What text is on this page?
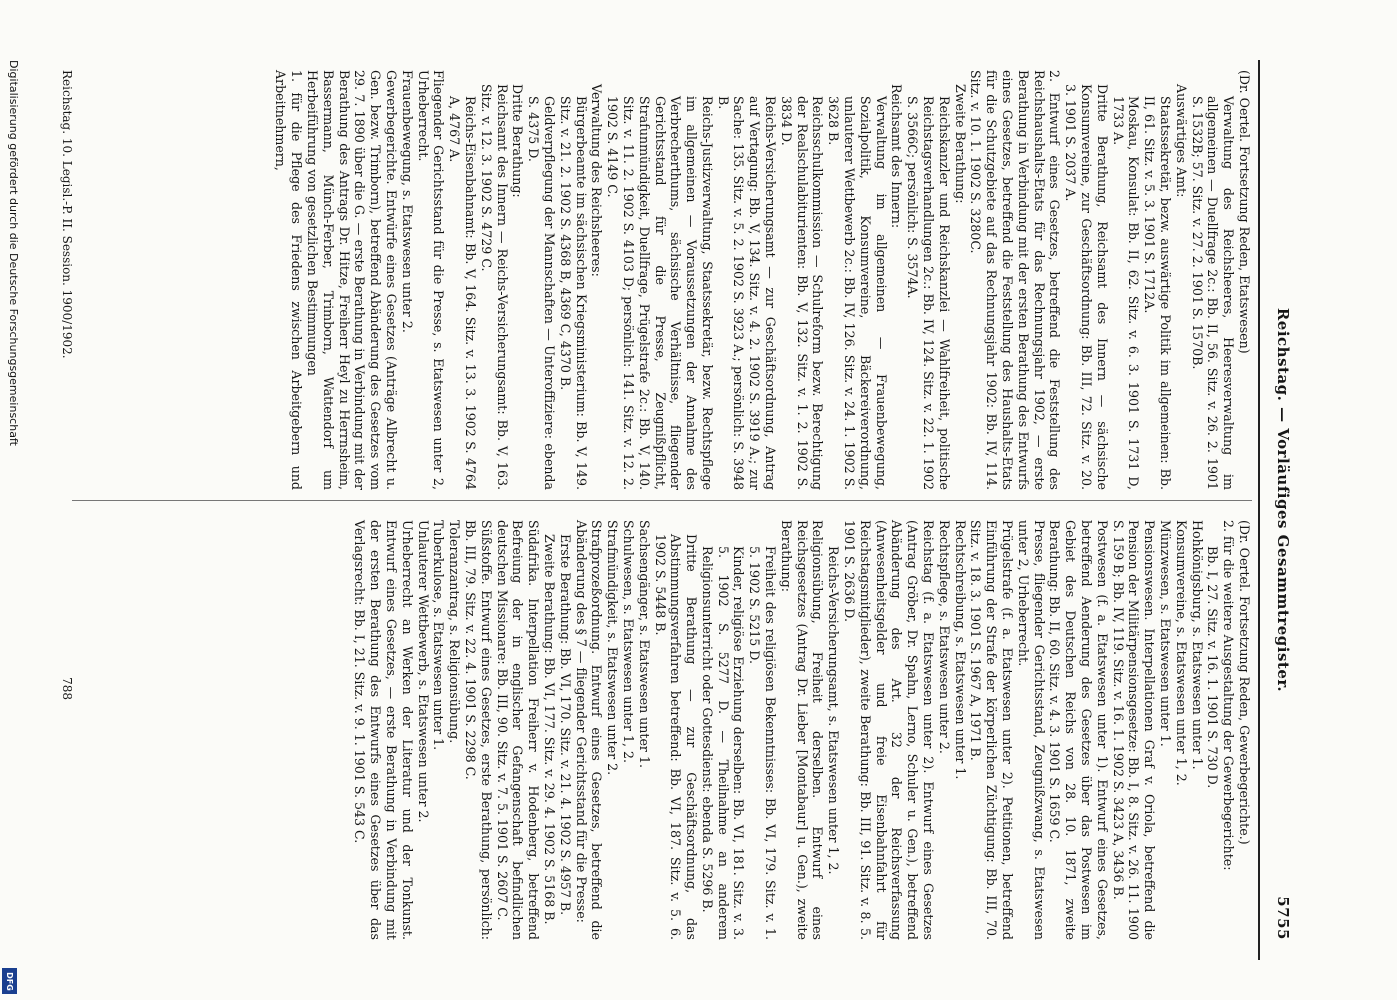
5755
Reichstag. — Vorläufiges Gesammtregister.

(Dr. Oertel. Fortsetzung Reden, Etatswesen)

Verwaltung des Reichsheeres, Heeresverwaltung im allgemeinen — Duellfrage 2c.: Bb. II, 56. Sitz. v. 26. 2. 1901 S. 1532B; 57. Sitz. v. 27. 2. 1901 S. 1570B.

Auswärtiges Amt:

Staatssekretär, bezw. auswärtige Politik im allgemeinen: Bb. II, 61. Sitz. v. 5. 3. 1901 S. 1712A.

Moskau, Konsulat: Bb. II, 62. Sitz. v. 6. 3. 1901 S. 1731 D, 1733 A.

Dritte Berathung, Reichsamt des Innern — sächsische Konsumvereine, zur Geschäftsordnung: Bb. III, 72. Sitz. v. 20. 3. 1901 S. 2037 A.

2. Entwurf eines Gesetzes, betreffend die Feststellung des Reichshaushalts-Etats für das Rechnungsjahr 1902, — erste Berathung in Verbindung mit der ersten Berathung des Entwurfs eines Gesetzes, betreffend die Feststellung des Haushalts-Etats für die Schutzgebiete auf das Rechnungsjahr 1902: Bb. IV, 114. Sitz. v. 10. 1. 1902 S. 3280C.

Zweite Berathung:

Reichskanzler und Reichskanzlei — Wahlfreiheit, politische Reichstagsverhandlungen 2c.: Bb. IV, 124. Sitz. v. 22. 1. 1902 S. 3566C; persönlich: S. 3574A.

Reichsamt des Innern:

Verwaltung im allgemeinen — Frauenbewegung, Sozialpolitik, Konsumvereine, Bäckereiverordnung, unlauterer Wettbewerb 2c.: Bb. IV, 126. Sitz. v. 24. 1. 1902 S. 3628 B.

Reichsschulkommission — Schulreform bezw. Berechtigung der Realschulabiturienten: Bb. V, 132. Sitz. v. 1. 2. 1902 S. 3834 D.

Reichs-Versicherungsamt — zur Geschäftsordnung, Antrag auf Vertagung: Bb. V, 134. Sitz. v. 4. 2. 1902 S. 3919 A.; zur Sache: 135. Sitz. v. 5. 2. 1902 S. 3923 A.; persönlich: S. 3948 B.

Reichs-Justizverwaltung, Staatssekretär, bezw. Rechtspflege im allgemeinen — Voraussetzungen der Annahme des Verbrecherthums, sächsische Verhältnisse, fliegender Gerichtsstand für die Presse, Zeugnißpflicht, Strafunmündigkeit, Duellfrage, Prügelstrafe 2c.: Bb. V, 140. Sitz. v. 11. 2. 1902 S. 4103 D; persönlich: 141. Sitz. v. 12. 2. 1902 S. 4149 C.

Verwaltung des Reichsheeres:

Bürgerbeamte im sächsischen Kriegsministerium: Bb. V, 149. Sitz. v. 21. 2. 1902 S. 4368 B, 4369 C, 4370 B.

Geldverpflegung der Mannschaften — Unteroffiziere: ebenda S. 4375 D.

Dritte Berathung:

Reichsamt des Innern — Reichs-Versicherungsamt: Bb. V, 163. Sitz. v. 12. 3. 1902 S. 4729 C.

Reichs-Eisenbahnamt: Bb. V, 164. Sitz. v. 13. 3. 1902 S. 4764 A, 4767 A.

Fliegender Gerichtsstand für die Presse, s. Etatswesen unter 2, Urheberrecht.

Frauenbewegung, s. Etatswesen unter 2.

Gewerbegerichte. Entwürfe eines Gesetzes (Anträge Albrecht u. Gen. bezw. Trimborn), betreffend Abänderung des Gesetzes vom 29. 7. 1890 über die G. — erste Berathung in Verbindung mit der Berathung des Antrags Dr. Hitze, Freiherr Heyl zu Herrnsheim, Bassermann, Münch-Ferber, Trimborn, Wattendorf um Herbeiführung von gesetzlichen Bestimmungen

1. für die Pflege des Friedens zwischen Arbeitgebern und Arbeitnehmern,

(Dr. Oertel. Fortsetzung Reden, Gewerbegerichte.)

2. für die weitere Ausgestaltung der Gewerbegerichte:

Bb. I, 27. Sitz. v. 16. 1. 1901 S. 730 D.

Hohkönigsburg, s. Etatswesen unter 1.

Konsumvereine, s. Etatswesen unter 1, 2.

Münzwesen, s. Etatswesen unter 1.

Pensionswesen. Interpellationen Graf v. Oriola, betreffend die Pension der Militärpensionsgesetze: Bb. I, 8. Sitz. v. 26. 11. 1900 S. 159 B; Bb. IV, 119. Sitz. v. 16. 1. 1902 S. 3423 A, 3436 B.

Postwesen (f. a. Etatswesen unter 1). Entwurf eines Gesetzes, betreffend Aenderung des Gesetzes über das Postwesen im Gebiet des Deutschen Reichs von 28. 10. 1871, zweite Berathung: Bb. II, 60. Sitz. v. 4. 3. 1901 S. 1659 C.

Presse, fliegender Gerichtsstand, Zeugnißzwang, s. Etatswesen unter 2, Urheberrecht.

Prügelstrafe (f. a. Etatswesen unter 2). Petitionen, betreffend Einführung der Strafe der körperlichen Züchtigung: Bb. III, 70. Sitz. v. 18. 3. 1901 S. 1967 A, 1971 B.

Rechtschreibung, s. Etatswesen unter 1.

Rechtspflege, s. Etatswesen unter 2.

Reichstag (f. a. Etatswesen unter 2). Entwurf eines Gesetzes (Antrag Gröber, Dr. Spahn, Lerno, Schuler u. Gen.), betreffend Abänderung des Art. 32 der Reichsverfassung (Anwesenheitsgelder und freie Eisenbahnfahrt für Reichstagsmitglieder), zweite Berathung: Bb. III, 91. Sitz. v. 8. 5. 1901 S. 2636 D.

Reichs-Versicherungsamt, s. Etatswesen unter 1, 2.

Religionsübung, Freiheit derselben. Entwurf eines Reichsgesetzes (Antrag Dr. Lieber [Montabaur] u. Gen.), zweite Berathung:

Freiheit des religiösen Bekenntnisses: Bb. VI, 179. Sitz. v. 1. 5. 1902 S. 5215 D.

Kinder, religiöse Erziehung derselben: Bb. VI, 181. Sitz. v. 3. 5. 1902 S. 5277 D. — Theilnahme an anderem Religionsunterricht oder Gottesdienst: ebenda S. 5296 B.

Dritte Berathung — zur Geschäftsordnung, das Abstimmungsverfahren betreffend: Bb. VI, 187. Sitz. v. 5. 6. 1902 S. 5448 B.

Sachsengänger, s. Etatswesen unter 1.

Schulwesen, s. Etatswesen unter 1, 2.

Strafmündigkeit, s. Etatswesen unter 2.

Strafprozeßordnung. Entwurf eines Gesetzes, betreffend die Abänderung des § 7 — fliegender Gerichtsstand für die Presse:

Erste Berathung: Bb. VI, 170. Sitz. v. 21. 4. 1902 S. 4957 B.

Zweite Berathung: Bb. VI, 177. Sitz. v. 29. 4. 1902 S. 5168 B.

Südafrika. Interpellation Freiherr v. Hodenberg, betreffend Befreiung der in englischer Gefangenschaft befindlichen deutschen Missionare: Bb. III, 90. Sitz. v. 7. 5. 1901 S. 2607 C.

Süßstoffe. Entwurf eines Gesetzes, erste Berathung, persönlich: Bb. III, 79. Sitz. v. 22. 4. 1901 S. 2298 C.

Toleranzantrag, s. Religionsübung.

Tuberkulose, s. Etatswesen unter 1.

Unlauterer Wettbewerb, s. Etatswesen unter 2.

Urheberrecht an Werken der Literatur und der Tonkunst. Entwurf eines Gesetzes, — erste Berathung in Verbindung mit der ersten Berathung des Entwurfs eines Gesetzes über das Verlagsrecht: Bb. I, 21. Sitz. v. 9. 1. 1901 S. 543 C.

Reichstag. 10. Legisl.-P. II. Session. 1900/1902.
788
Digitalisierung gefördert durch die Deutsche Forschungsgemeinschaft
DFG
